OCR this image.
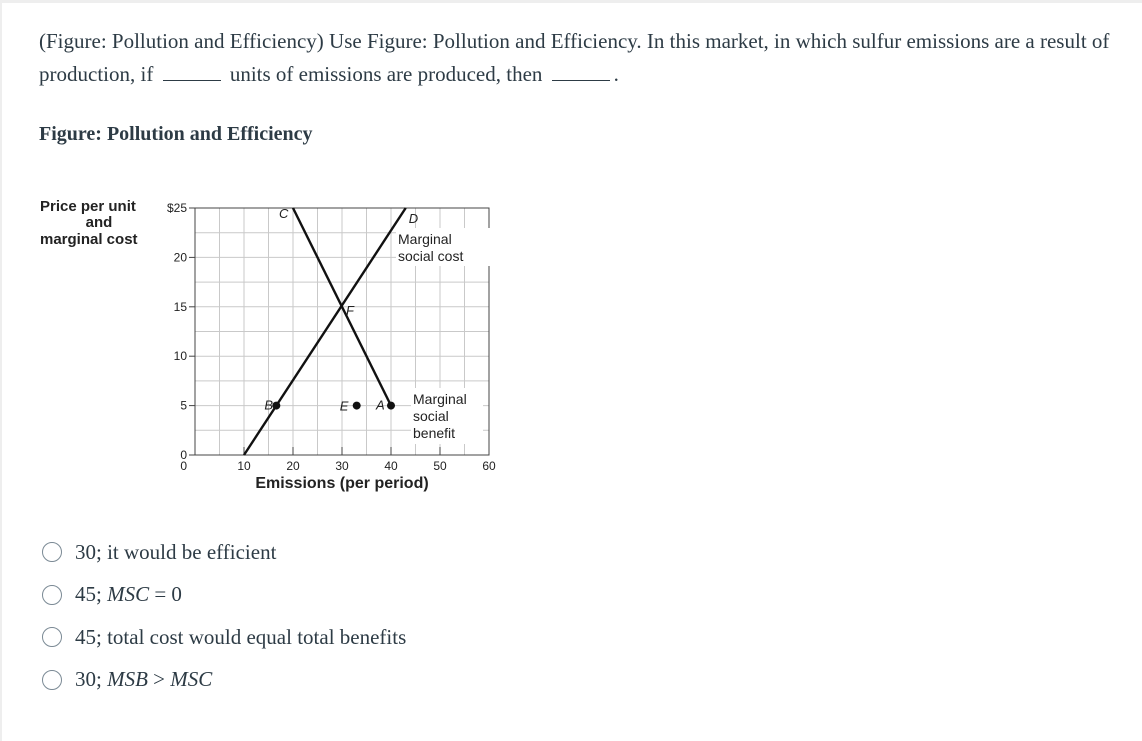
(Figure: Pollution and Efficiency) Use Figure: Pollution and Efficiency. In this market, in which sulfur emissions are a result of production, if	units of emissions are produced, then	.
Figure: Pollution and Efficiency
0
5
10
15
20
$25
10	20	30	40	50	60
0
Price per unit
and
marginal cost
Emissions (per period)
Marginal
social cost
Marginal
social
benefit
C	D
F
B	E A
30; it would be efficient
45; MSC = 0
45; total cost would equal total benefits
30; MSB > MSC
